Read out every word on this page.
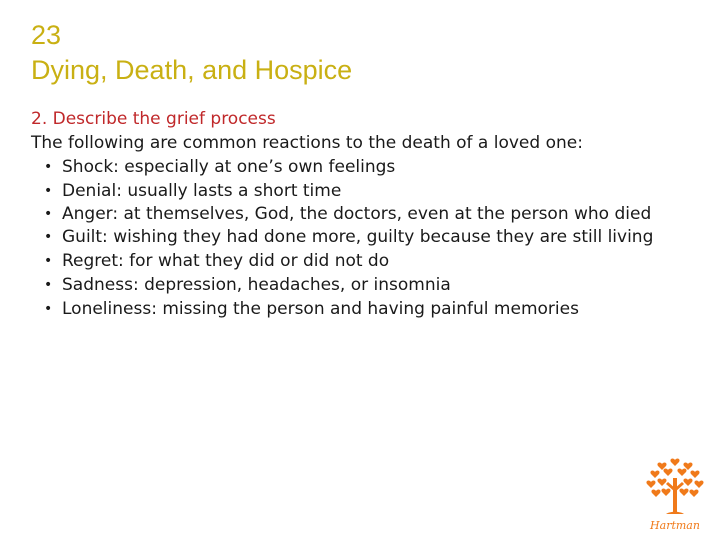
23
Dying, Death, and Hospice
2. Describe the grief process
The following are common reactions to the death of a loved one:
• Shock: especially at one’s own feelings
• Denial: usually lasts a short time
• Anger: at themselves, God, the doctors, even at the person who died
• Guilt: wishing they had done more, guilty because they are still living
• Regret: for what they did or did not do
• Sadness: depression, headaches, or insomnia
• Loneliness: missing the person and having painful memories
Hartman
